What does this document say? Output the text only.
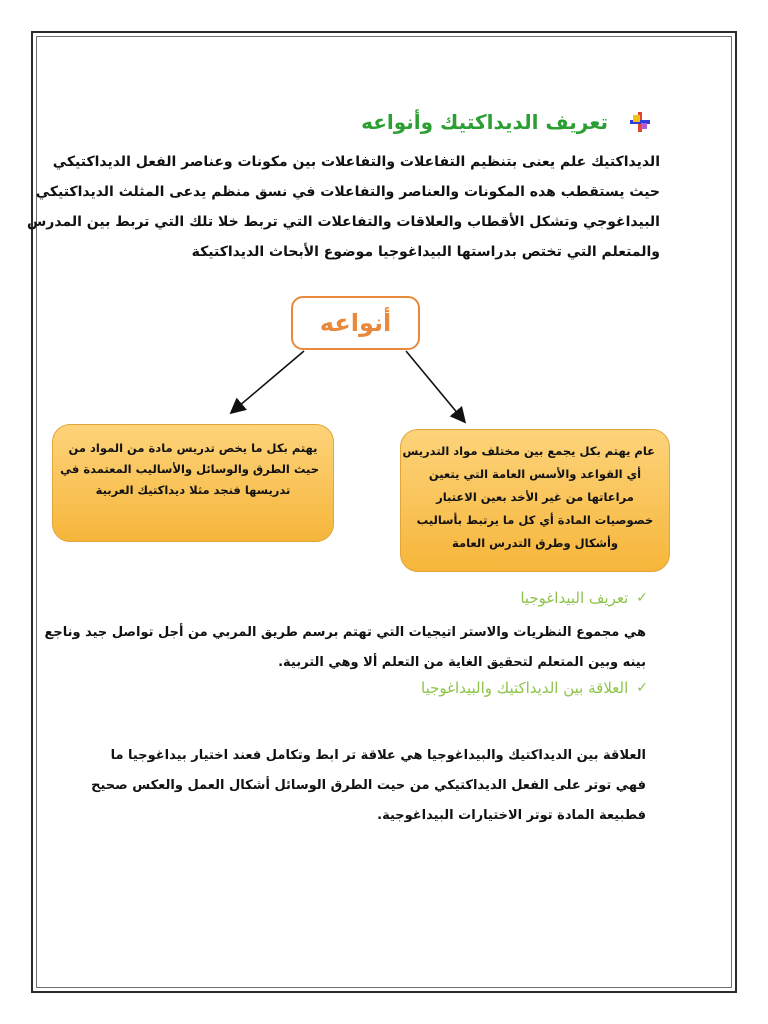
تعريف الديداكتيك وأنواعه
الديداكتيك علم يعنى بتنظيم التفاعلات والتفاعلات بين مكونات وعناصر الفعل الديداكتيكي
حيث يستقطب هده المكونات والعناصر والتفاعلات في نسق منظم يدعى المثلث الديداكتيكي
البيداغوجي وتشكل الأقطاب والعلاقات والتفاعلات التي تربط خلا تلك التي تربط بين المدرس
والمتعلم التي تختص بدراستها البيداغوجيا موضوع الأبحاث الديداكتيكة
أنواعه
يهتم بكل ما يخص تدريس مادة من المواد من
حيث الطرق والوسائل والأساليب المعتمدة في
تدريسها فنجد مثلا ديداكتيك العربية
عام يهتم بكل يجمع بين مختلف مواد التدريس
أي القواعد والأسس العامة التي يتعين
مراعاتها من غير الأخد بعين الاعتبار
خصوصيات المادة أي كل ما يرتبط بأساليب
وأشكال وطرق التدرس العامة
✓
تعريف البيداغوجيا
هي مجموع النظريات والاستر اتيجيات التي تهتم برسم طريق المربي من أجل تواصل جيد وناجع
بينه وبين المتعلم لتحقيق الغاية من التعلم ألا وهي التربية.
✓
العلاقة بين الديداكتيك والبيداغوجيا
العلاقة بين الديداكتيك والبيداغوجيا هي علاقة تر ابط وتكامل فعند اختيار بيداغوجيا ما
فهي توتر على الفعل الديداكتيكي من حيت الطرق الوسائل أشكال العمل والعكس صحيح
فطبيعة المادة توتر الاختيارات البيداغوجية.
